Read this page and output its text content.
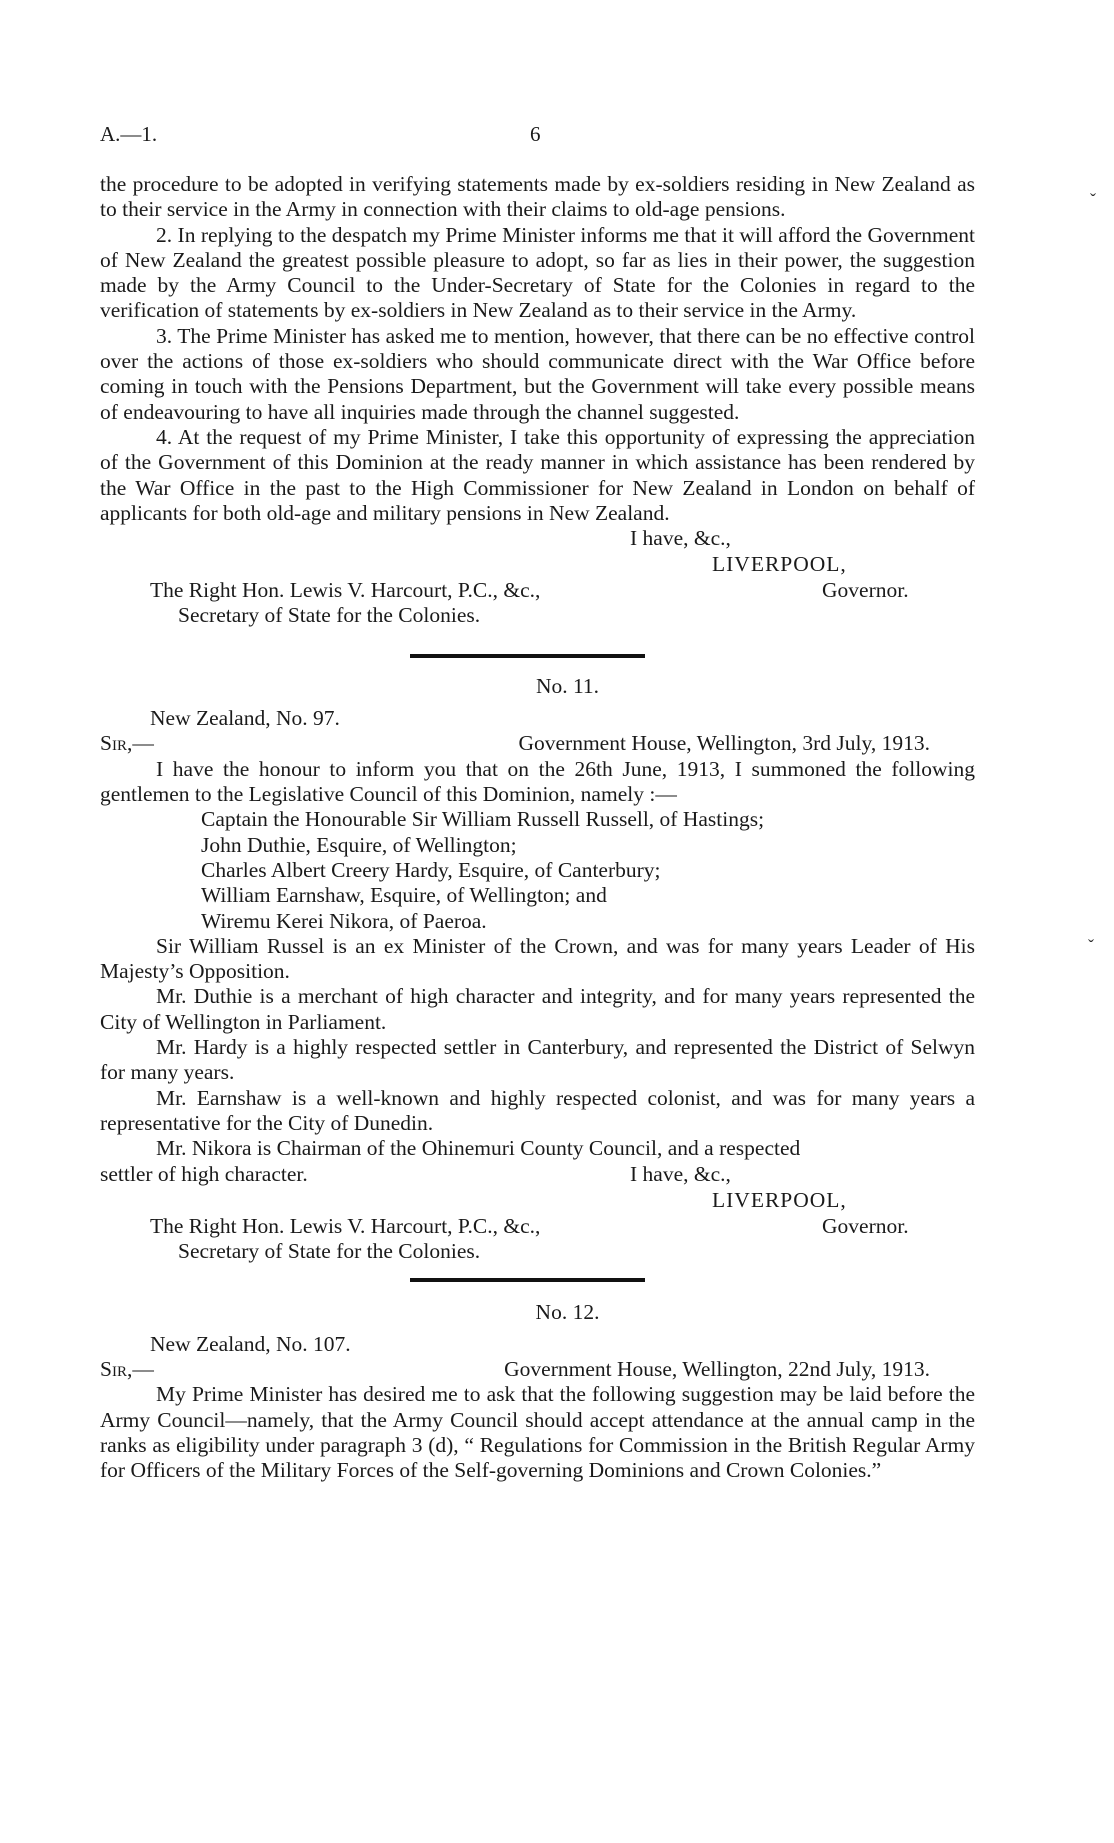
A.—1.	6
ˇ
ˇ

the procedure to be adopted in verifying statements made by ex-soldiers residing in New Zealand as to their service in the Army in connection with their claims to old-age pensions.

2. In replying to the despatch my Prime Minister informs me that it will afford the Government of New Zealand the greatest possible pleasure to adopt, so far as lies in their power, the suggestion made by the Army Council to the Under-Secretary of State for the Colonies in regard to the verification of statements by ex-soldiers in New Zealand as to their service in the Army.

3. The Prime Minister has asked me to mention, however, that there can be no effective control over the actions of those ex-soldiers who should communicate direct with the War Office before coming in touch with the Pensions Department, but the Government will take every possible means of endeavouring to have all inquiries made through the channel suggested.

4. At the request of my Prime Minister, I take this opportunity of expressing the appreciation of the Government of this Dominion at the ready manner in which assistance has been rendered by the War Office in the past to the High Commissioner for New Zealand in London on behalf of applicants for both old-age and military pensions in New Zealand.

I have, &c.,
LIVERPOOL,
The Right Hon. Lewis V. Harcourt, P.C., &c.,	Governor.
Secretary of State for the Colonies.
No. 11.
New Zealand, No. 97.
Sir,—	Government House, Wellington, 3rd July, 1913.

I have the honour to inform you that on the 26th June, 1913, I summoned the following gentlemen to the Legislative Council of this Dominion, namely :—

Captain the Honourable Sir William Russell Russell, of Hastings;
John Duthie, Esquire, of Wellington;
Charles Albert Creery Hardy, Esquire, of Canterbury;
William Earnshaw, Esquire, of Wellington; and
Wiremu Kerei Nikora, of Paeroa.

Sir William Russel is an ex Minister of the Crown, and was for many years Leader of His Majesty’s Opposition.

Mr. Duthie is a merchant of high character and integrity, and for many years represented the City of Wellington in Parliament.

Mr. Hardy is a highly respected settler in Canterbury, and represented the District of Selwyn for many years.

Mr. Earnshaw is a well-known and highly respected colonist, and was for many years a representative for the City of Dunedin.

Mr. Nikora is Chairman of the Ohinemuri County Council, and a respected

settler of high character.	I have, &c.,
LIVERPOOL,
The Right Hon. Lewis V. Harcourt, P.C., &c.,	Governor.
Secretary of State for the Colonies.
No. 12.
New Zealand, No. 107.
Sir,—	Government House, Wellington, 22nd July, 1913.

My Prime Minister has desired me to ask that the following suggestion may be laid before the Army Council—namely, that the Army Council should accept attendance at the annual camp in the ranks as eligibility under paragraph 3 (d), “ Regulations for Commission in the British Regular Army for Officers of the Military Forces of the Self-governing Dominions and Crown Colonies.”
